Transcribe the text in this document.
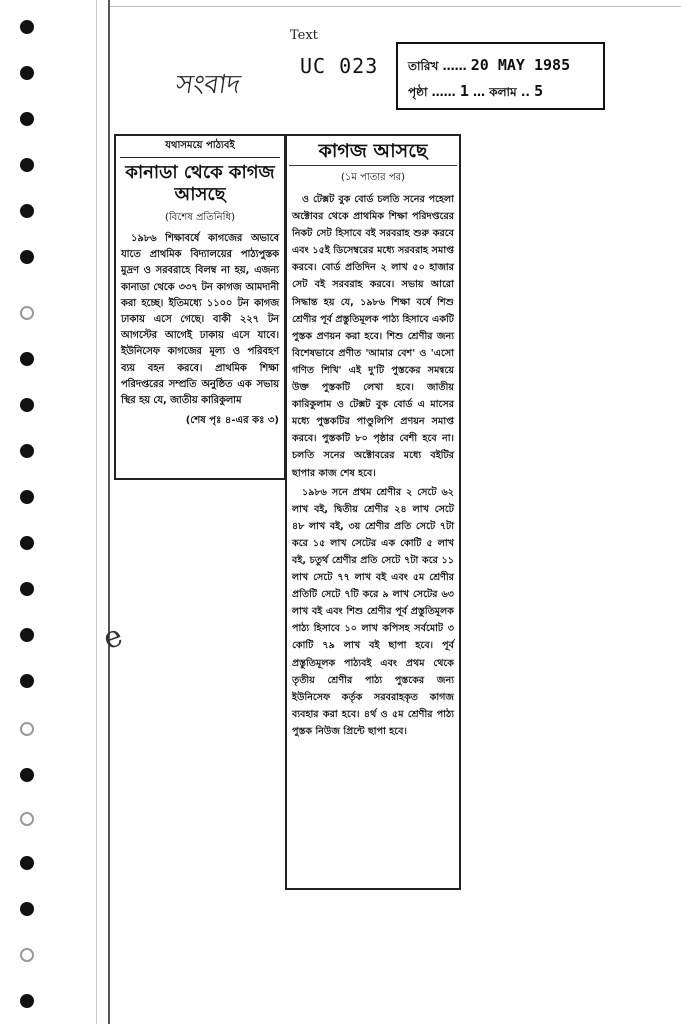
সংবাদ
Text
UC 023 তারিখ …… 20 MAY 1985
পৃষ্ঠা …… 1 … কলাম .. 5
যথাসময়ে পাঠ্যবই
কানাডা থেকে কাগজ আসছে
(বিশেষ প্রতিনিধি)

১৯৮৬ শিক্ষাবর্ষে কাগজের অভাবে যাতে প্রাথমিক বিদ্যালয়ের পাঠ্যপুস্তক মুদ্রণ ও সরবরাহে বিলম্ব না হয়, এজন্য কানাডা থেকে ৩৩৭ টন কাগজ আমদানী করা হচ্ছে। ইতিমধ্যে ১১০০ টন কাগজ ঢাকায় এসে গেছে। বাকী ২২৭ টন আগস্টের আগেই ঢাকায় এসে যাবে। ইউনিসেফ কাগজের মূল্য ও পরিবহণ ব্যয় বহন করবে। প্রাথমিক শিক্ষা পরিদপ্তরের সম্প্রতি অনুষ্ঠিত এক সভায় স্থির হয় যে, জাতীয় কারিকুলাম

(শেষ পৃঃ ৪-এর কঃ ৩)
কাগজ আসছে
(১ম পাতার পর)

ও টেক্সট বুক বোর্ড চলতি সনের পহেলা অক্টোবর থেকে প্রাথমিক শিক্ষা পরিদপ্তরের নিকট সেট হিসাবে বই সরবরাহ শুরু করবে এবং ১৫ই ডিসেম্বরের মধ্যে সরবরাহ সমাপ্ত করবে। বোর্ড প্রতিদিন ২ লাখ ৫০ হাজার সেট বই সরবরাহ করবে। সভায় আরো সিদ্ধান্ত হয় যে, ১৯৮৬ শিক্ষা বর্ষে শিশু শ্রেণীর পূর্ব প্রস্তুতিমূলক পাঠ্য হিসাবে একটি পুস্তক প্রণয়ন করা হবে। শিশু শ্রেণীর জন্য বিশেষভাবে প্রণীত 'আমার বেশ' ও 'এসো গণিত শিখি' এই দু'টি পুস্তকের সমন্বয়ে উক্ত পুস্তকটি লেখা হবে। জাতীয় কারিকুলাম ও টেক্সট বুক বোর্ড এ মাসের মধ্যে পুস্তকটির পাণ্ডুলিপি প্রণয়ন সমাপ্ত করবে। পুস্তকটি ৮০ পৃষ্ঠার বেশী হবে না। চলতি সনের অক্টোবরের মধ্যে বইটির ছাপার কাজ শেষ হবে।

১৯৮৬ সনে প্রথম শ্রেণীর ২ সেটে ৬২ লাখ বই, দ্বিতীয় শ্রেণীর ২৪ লাখ সেটে ৪৮ লাখ বই, ৩য় শ্রেণীর প্রতি সেটে ৭টা করে ১৫ লাখ সেটের এক কোটি ৫ লাখ বই, চতুর্থ শ্রেণীর প্রতি সেটে ৭টা করে ১১ লাখ সেটে ৭৭ লাখ বই এবং ৫ম শ্রেণীর প্রতিটি সেটে ৭টি করে ৯ লাখ সেটের ৬৩ লাখ বই এবং শিশু শ্রেণীর পূর্ব প্রস্তুতিমূলক পাঠ্য হিসাবে ১০ লাখ কপিসহ সর্বমোট ৩ কোটি ৭৯ লাখ বই ছাপা হবে। পূর্ব প্রস্তুতিমূলক পাঠ্যবই এবং প্রথম থেকে তৃতীয় শ্রেণীর পাঠ্য পুস্তকের জন্য ইউনিসেফ কর্তৃক সরবরাহকৃত কাগজ ব্যবহার করা হবে। ৪র্থ ও ৫ম শ্রেণীর পাঠ্য পুস্তক নিউজ প্রিন্টে ছাপা হবে।

e
